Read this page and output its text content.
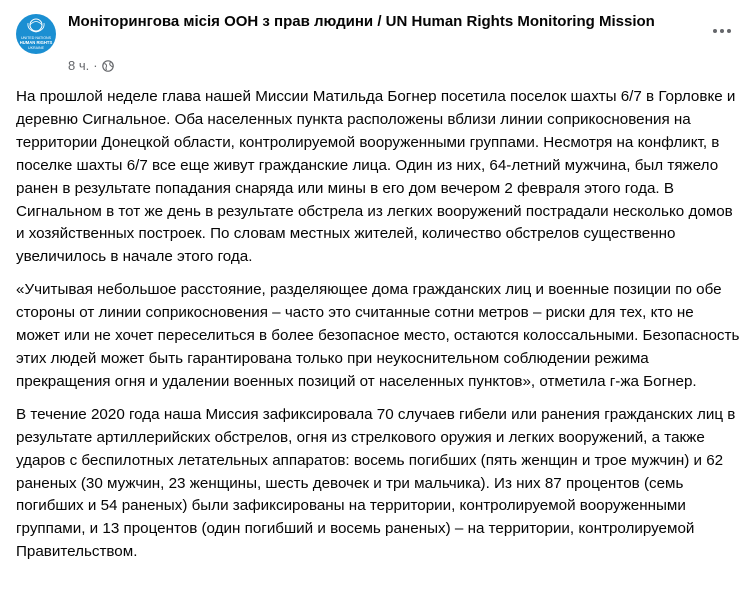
UNITED NATIONS
HUMAN RIGHTS
UKRAINE
Моніторингова місія ООН з прав людини / UN Human Rights Monitoring Mission
8 ч. ·

На прошлой неделе глава нашей Миссии Матильда Богнер посетила поселок шахты 6/7 в Горловке и деревню Сигнальное. Оба населенных пункта расположены вблизи линии соприкосновения на территории Донецкой области, контролируемой вооруженными группами. Несмотря на конфликт, в поселке шахты 6/7 все еще живут гражданские лица. Один из них, 64-летний мужчина, был тяжело ранен в результате попадания снаряда или мины в его дом вечером 2 февраля этого года. В Сигнальном в тот же день в результате обстрела из легких вооружений пострадали несколько домов и хозяйственных построек. По словам местных жителей, количество обстрелов существенно увеличилось в начале этого года.

«Учитывая небольшое расстояние, разделяющее дома гражданских лиц и военные позиции по обе стороны от линии соприкосновения – часто это считанные сотни метров – риски для тех, кто не может или не хочет переселиться в более безопасное место, остаются колоссальными. Безопасность этих людей может быть гарантирована только при неукоснительном соблюдении режима прекращения огня и удалении военных позиций от населенных пунктов», отметила г-жа Богнер.

В течение 2020 года наша Миссия зафиксировала 70 случаев гибели или ранения гражданских лиц в результате артиллерийских обстрелов, огня из стрелкового оружия и легких вооружений, а также ударов с беспилотных летательных аппаратов: восемь погибших (пять женщин и трое мужчин) и 62 раненых (30 мужчин, 23 женщины, шесть девочек и три мальчика). Из них 87 процентов (семь погибших и 54 раненых) были зафиксированы на территории, контролируемой вооруженными группами, и 13 процентов (один погибший и восемь раненых) – на территории, контролируемой Правительством.
